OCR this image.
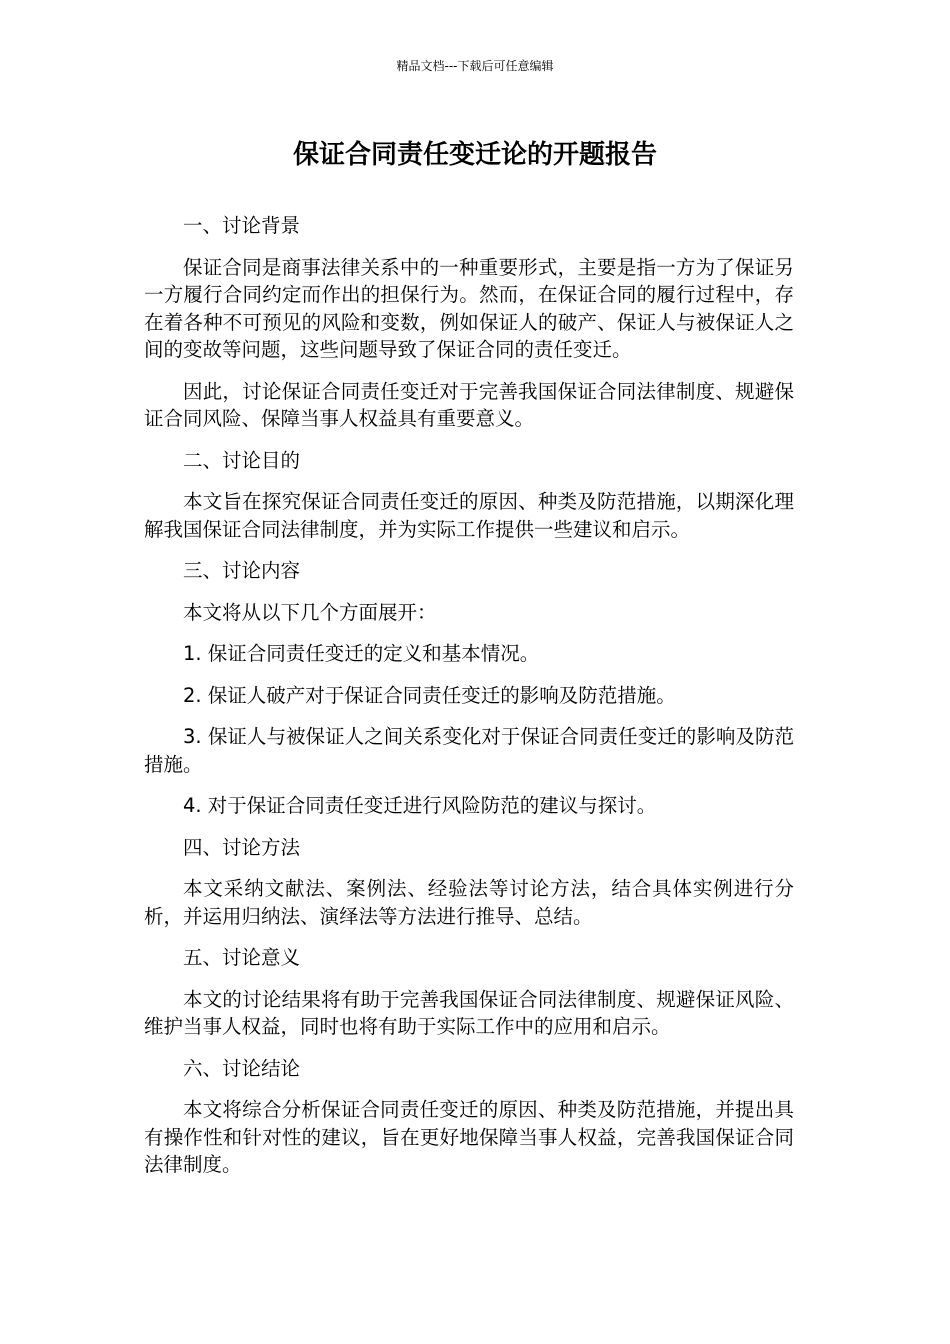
精品文档---下载后可任意编辑
保证合同责任变迁论的开题报告

一、讨论背景

保证合同是商事法律关系中的一种重要形式，主要是指一方为了保证另一方履行合同约定而作出的担保行为。然而，在保证合同的履行过程中，存在着各种不可预见的风险和变数，例如保证人的破产、保证人与被保证人之间的变故等问题，这些问题导致了保证合同的责任变迁。

因此，讨论保证合同责任变迁对于完善我国保证合同法律制度、规避保证合同风险、保障当事人权益具有重要意义。

二、讨论目的

本文旨在探究保证合同责任变迁的原因、种类及防范措施，以期深化理解我国保证合同法律制度，并为实际工作提供一些建议和启示。

三、讨论内容

本文将从以下几个方面展开：

1. 保证合同责任变迁的定义和基本情况。

2. 保证人破产对于保证合同责任变迁的影响及防范措施。

3. 保证人与被保证人之间关系变化对于保证合同责任变迁的影响及防范措施。

4. 对于保证合同责任变迁进行风险防范的建议与探讨。

四、讨论方法

本文采纳文献法、案例法、经验法等讨论方法，结合具体实例进行分析，并运用归纳法、演绎法等方法进行推导、总结。

五、讨论意义

本文的讨论结果将有助于完善我国保证合同法律制度、规避保证风险、维护当事人权益，同时也将有助于实际工作中的应用和启示。

六、讨论结论

本文将综合分析保证合同责任变迁的原因、种类及防范措施，并提出具有操作性和针对性的建议，旨在更好地保障当事人权益，完善我国保证合同法律制度。
